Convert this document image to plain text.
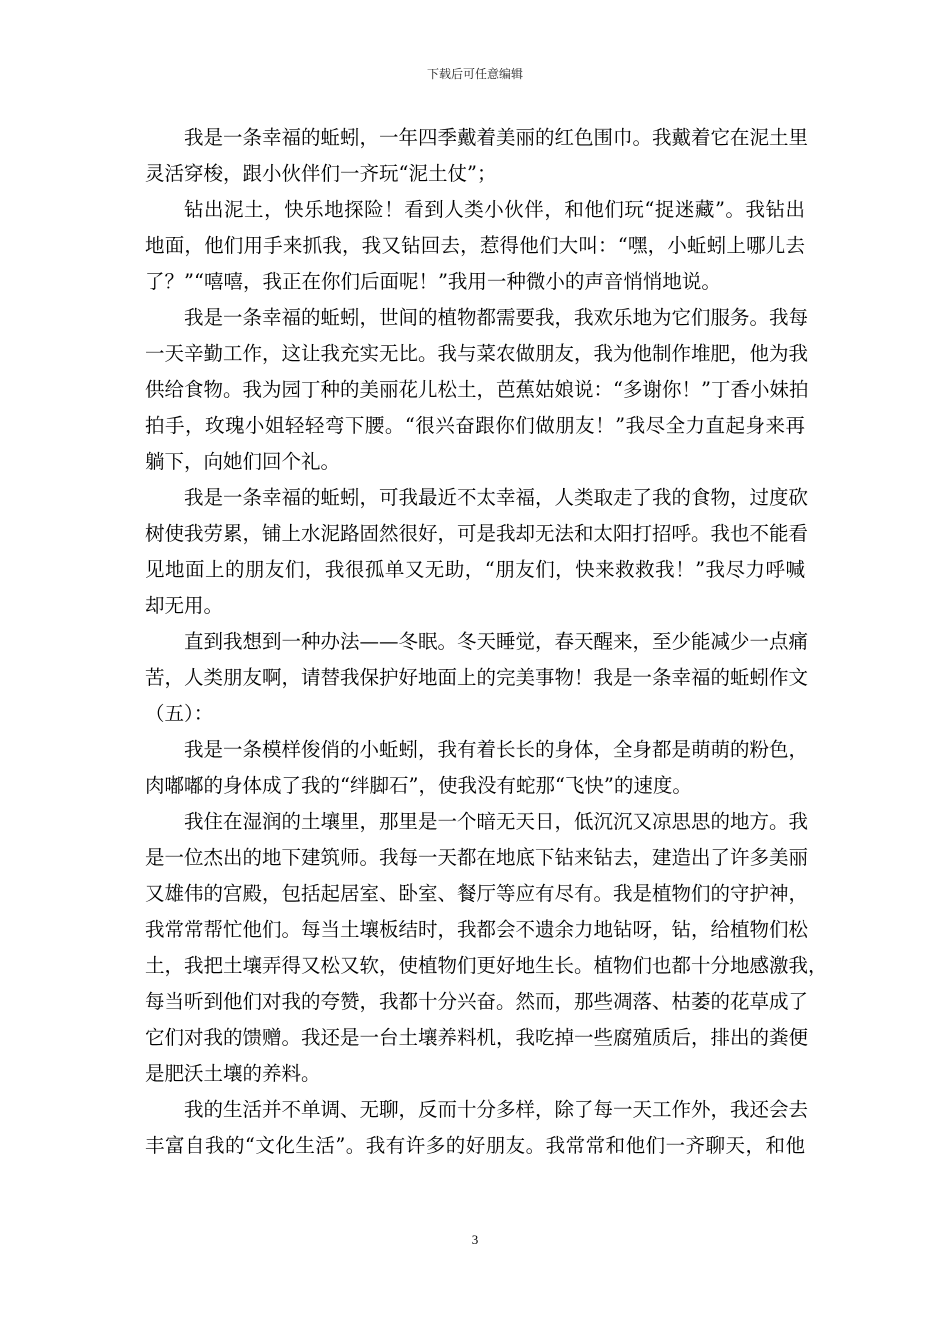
下载后可任意编辑
我是一条幸福的蚯蚓，一年四季戴着美丽的红色围巾。我戴着它在泥土里
灵活穿梭，跟小伙伴们一齐玩“泥土仗”；
钻出泥土，快乐地探险！看到人类小伙伴，和他们玩“捉迷藏”。我钻出
地面，他们用手来抓我，我又钻回去，惹得他们大叫：“嘿，小蚯蚓上哪儿去
了？”“嘻嘻，我正在你们后面呢！”我用一种微小的声音悄悄地说。
我是一条幸福的蚯蚓，世间的植物都需要我，我欢乐地为它们服务。我每
一天辛勤工作，这让我充实无比。我与菜农做朋友，我为他制作堆肥，他为我
供给食物。我为园丁种的美丽花儿松土，芭蕉姑娘说：“多谢你！”丁香小妹拍
拍手，玫瑰小姐轻轻弯下腰。“很兴奋跟你们做朋友！”我尽全力直起身来再
躺下，向她们回个礼。
我是一条幸福的蚯蚓，可我最近不太幸福，人类取走了我的食物，过度砍
树使我劳累，铺上水泥路固然很好，可是我却无法和太阳打招呼。我也不能看
见地面上的朋友们，我很孤单又无助，“朋友们，快来救救我！”我尽力呼喊
却无用。
直到我想到一种办法——冬眠。冬天睡觉，春天醒来，至少能减少一点痛
苦，人类朋友啊，请替我保护好地面上的完美事物！我是一条幸福的蚯蚓作文
（五）：
我是一条模样俊俏的小蚯蚓，我有着长长的身体，全身都是萌萌的粉色，
肉嘟嘟的身体成了我的“绊脚石”，使我没有蛇那“飞快”的速度。
我住在湿润的土壤里，那里是一个暗无天日，低沉沉又凉思思的地方。我
是一位杰出的地下建筑师。我每一天都在地底下钻来钻去，建造出了许多美丽
又雄伟的宫殿，包括起居室、卧室、餐厅等应有尽有。我是植物们的守护神，
我常常帮忙他们。每当土壤板结时，我都会不遗余力地钻呀，钻，给植物们松
土，我把土壤弄得又松又软，使植物们更好地生长。植物们也都十分地感激我，
每当听到他们对我的夸赞，我都十分兴奋。然而，那些凋落、枯萎的花草成了
它们对我的馈赠。我还是一台土壤养料机，我吃掉一些腐殖质后，排出的粪便
是肥沃土壤的养料。
我的生活并不单调、无聊，反而十分多样，除了每一天工作外，我还会去
丰富自我的“文化生活”。我有许多的好朋友。我常常和他们一齐聊天，和他
3
